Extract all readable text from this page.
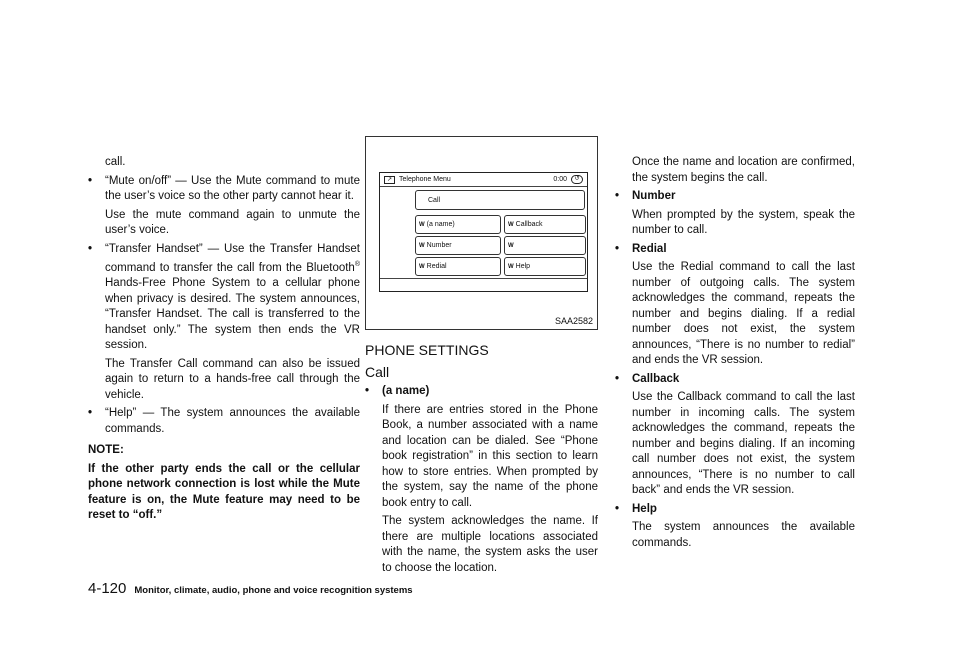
call.

• “Mute on/off” — Use the Mute command to mute the user’s voice so the other party cannot hear it.

Use the mute command again to unmute the user’s voice.

• “Transfer Handset” — Use the Transfer Handset command to transfer the call from the Bluetooth® Hands-Free Phone System to a cellular phone when privacy is desired. The system announces, “Transfer Handset. The call is transferred to the handset only.” The system then ends the VR session.

The Transfer Call command can also be issued again to return to a hands-free call through the vehicle.

• “Help” — The system announces the available commands.

NOTE:

If the other party ends the call or the cellular phone network connection is lost while the Mute feature is on, the Mute feature may need to be reset to “off.”

↗ Telephone Menu	0:00	↺
Call
W (a name)	W Callback
W Number	W
W Redial	W Help
SAA2582
PHONE SETTINGS
Call
• (a name)

If there are entries stored in the Phone Book, a number associated with a name and location can be dialed. See “Phone book registration” in this section to learn how to store entries. When prompted by the system, say the name of the phone book entry to call.

The system acknowledges the name. If there are multiple locations associated with the name, the system asks the user to choose the location.

Once the name and location are confirmed, the system begins the call.

• Number

When prompted by the system, speak the number to call.

• Redial

Use the Redial command to call the last number of outgoing calls. The system acknowledges the command, repeats the number and begins dialing. If a redial number does not exist, the system announces, “There is no number to redial” and ends the VR session.

• Callback

Use the Callback command to call the last number in incoming calls. The system acknowledges the command, repeats the number and begins dialing. If an incoming call number does not exist, the system announces, “There is no number to call back” and ends the VR session.

• Help

The system announces the available commands.

4-120 Monitor, climate, audio, phone and voice recognition systems
